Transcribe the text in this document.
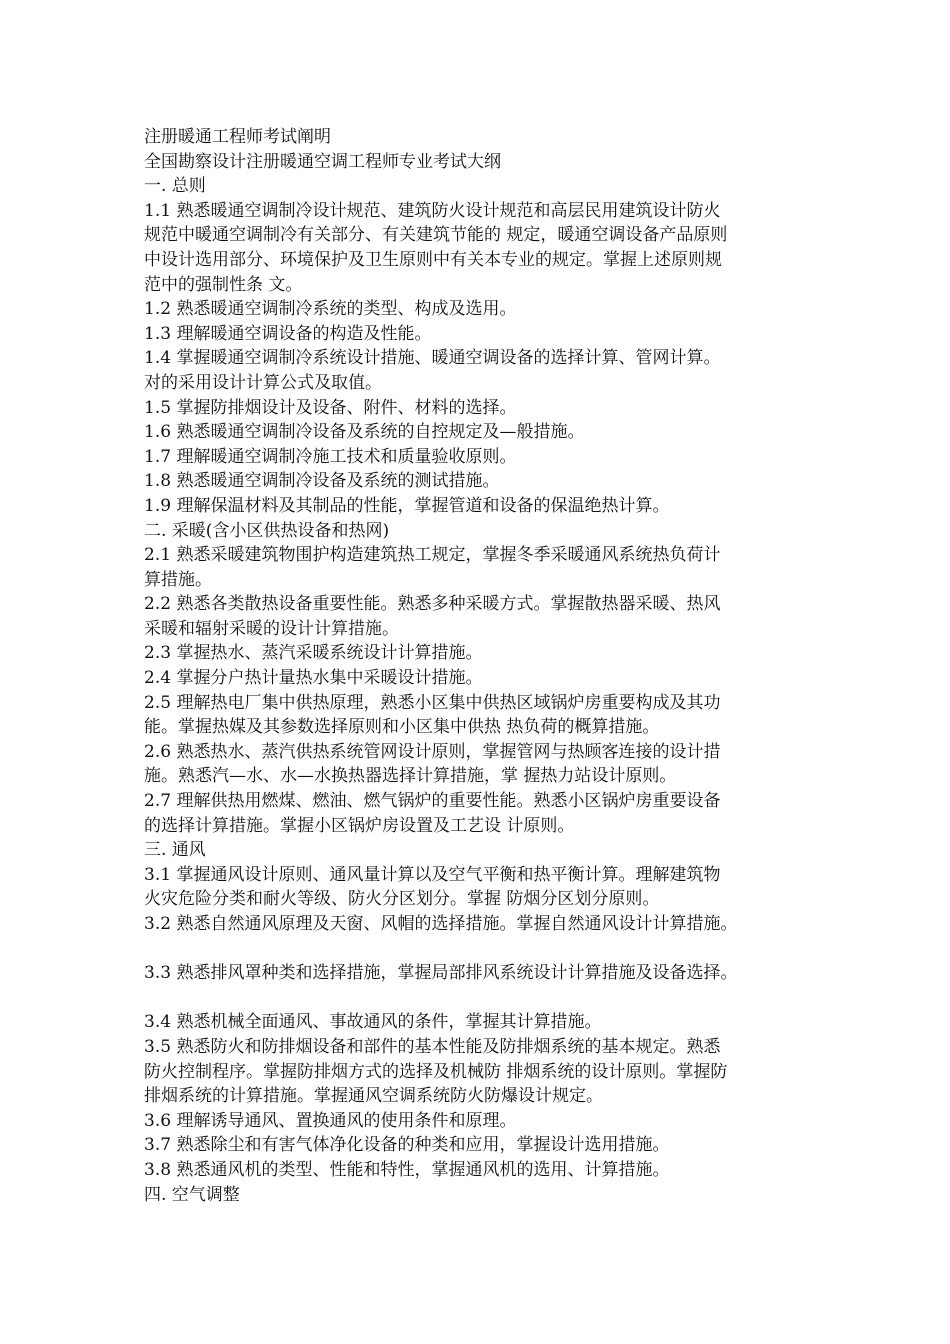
注册暖通工程师考试阐明
全国勘察设计注册暖通空调工程师专业考试大纲
一. 总则
1.1 熟悉暖通空调制冷设计规范、建筑防火设计规范和高层民用建筑设计防火
规范中暖通空调制冷有关部分、有关建筑节能的 规定，暖通空调设备产品原则
中设计选用部分、环境保护及卫生原则中有关本专业的规定。掌握上述原则规
范中的强制性条 文。
1.2 熟悉暖通空调制冷系统的类型、构成及选用。
1.3 理解暖通空调设备的构造及性能。
1.4 掌握暖通空调制冷系统设计措施、暖通空调设备的选择计算、管网计算。
对的采用设计计算公式及取值。
1.5 掌握防排烟设计及设备、附件、材料的选择。
1.6 熟悉暖通空调制冷设备及系统的自控规定及—般措施。
1.7 理解暖通空调制冷施工技术和质量验收原则。
1.8 熟悉暖通空调制冷设备及系统的测试措施。
1.9 理解保温材料及其制品的性能，掌握管道和设备的保温绝热计算。
二. 采暖(含小区供热设备和热网)
2.1 熟悉采暖建筑物围护构造建筑热工规定，掌握冬季采暖通风系统热负荷计
算措施。
2.2 熟悉各类散热设备重要性能。熟悉多种采暖方式。掌握散热器采暖、热风
采暖和辐射采暖的设计计算措施。
2.3 掌握热水、蒸汽采暖系统设计计算措施。
2.4 掌握分户热计量热水集中采暖设计措施。
2.5 理解热电厂集中供热原理，熟悉小区集中供热区域锅炉房重要构成及其功
能。掌握热媒及其参数选择原则和小区集中供热 热负荷的概算措施。
2.6 熟悉热水、蒸汽供热系统管网设计原则，掌握管网与热顾客连接的设计措
施。熟悉汽—水、水—水换热器选择计算措施，掌 握热力站设计原则。
2.7 理解供热用燃煤、燃油、燃气锅炉的重要性能。熟悉小区锅炉房重要设备
的选择计算措施。掌握小区锅炉房设置及工艺设 计原则。
三. 通风
3.1 掌握通风设计原则、通风量计算以及空气平衡和热平衡计算。理解建筑物
火灾危险分类和耐火等级、防火分区划分。掌握 防烟分区划分原则。
3.2 熟悉自然通风原理及天窗、风帽的选择措施。掌握自然通风设计计算措施。
3.3 熟悉排风罩种类和选择措施，掌握局部排风系统设计计算措施及设备选择。
3.4 熟悉机械全面通风、事故通风的条件，掌握其计算措施。
3.5 熟悉防火和防排烟设备和部件的基本性能及防排烟系统的基本规定。熟悉
防火控制程序。掌握防排烟方式的选择及机械防 排烟系统的设计原则。掌握防
排烟系统的计算措施。掌握通风空调系统防火防爆设计规定。
3.6 理解诱导通风、置换通风的使用条件和原理。
3.7 熟悉除尘和有害气体净化设备的种类和应用，掌握设计选用措施。
3.8 熟悉通风机的类型、性能和特性，掌握通风机的选用、计算措施。
四. 空气调整
